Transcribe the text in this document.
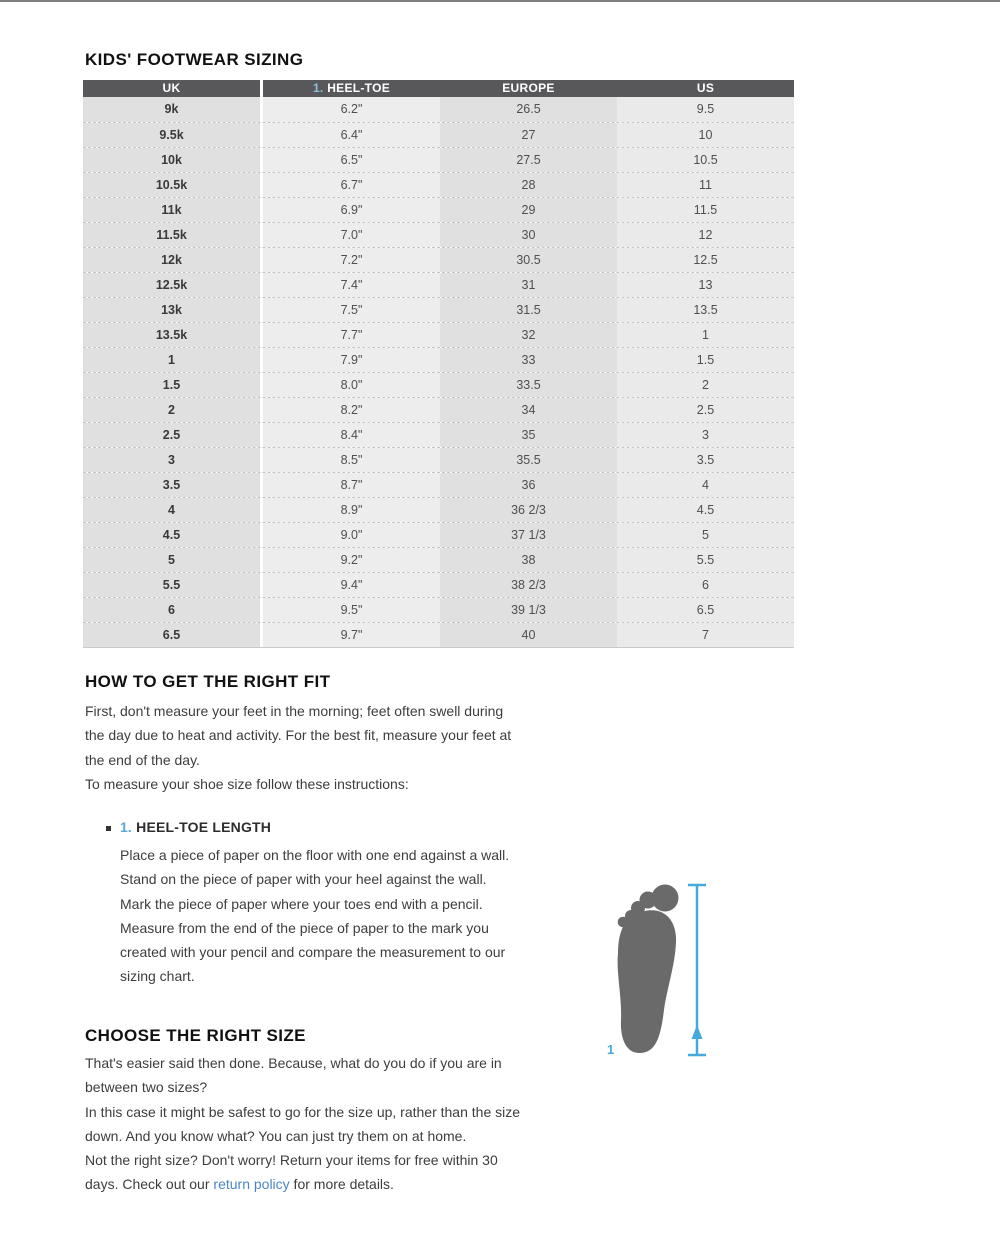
KIDS' FOOTWEAR SIZING
UK	1. HEEL-TOE	EUROPE	US
9k	6.2"	26.5	9.5
9.5k	6.4"	27	10
10k	6.5"	27.5	10.5
10.5k	6.7"	28	11
11k	6.9"	29	11.5
11.5k	7.0"	30	12
12k	7.2"	30.5	12.5
12.5k	7.4"	31	13
13k	7.5"	31.5	13.5
13.5k	7.7"	32	1
1	7.9"	33	1.5
1.5	8.0"	33.5	2
2	8.2"	34	2.5
2.5	8.4"	35	3
3	8.5"	35.5	3.5
3.5	8.7"	36	4
4	8.9"	36 2/3	4.5
4.5	9.0"	37 1/3	5
5	9.2"	38	5.5
5.5	9.4"	38 2/3	6
6	9.5"	39 1/3	6.5
6.5	9.7"	40	7
HOW TO GET THE RIGHT FIT
First, don't measure your feet in the morning; feet often swell during
the day due to heat and activity. For the best fit, measure your feet at
the end of the day.
To measure your shoe size follow these instructions:
1. HEEL-TOE LENGTH
Place a piece of paper on the floor with one end against a wall.
Stand on the piece of paper with your heel against the wall.
Mark the piece of paper where your toes end with a pencil.
Measure from the end of the piece of paper to the mark you
created with your pencil and compare the measurement to our
sizing chart.
1
CHOOSE THE RIGHT SIZE
That's easier said then done. Because, what do you do if you are in
between two sizes?
In this case it might be safest to go for the size up, rather than the size
down. And you know what? You can just try them on at home.
Not the right size? Don't worry! Return your items for free within 30
days. Check out our return policy for more details.
